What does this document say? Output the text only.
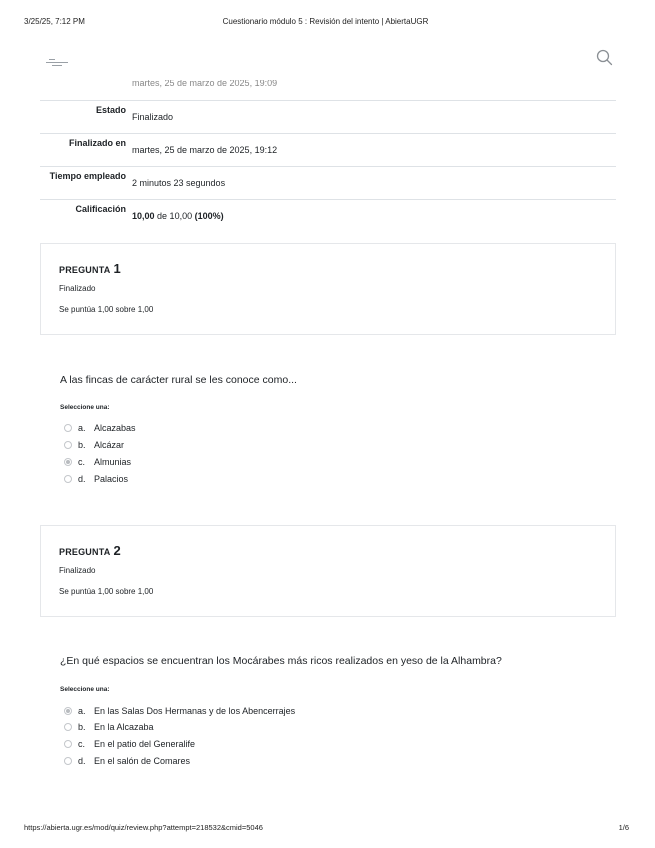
3/25/25, 7:12 PM	Cuestionario módulo 5 : Revisión del intento | AbiertaUGR
martes, 25 de marzo de 2025, 19:09
Estado
Finalizado
Finalizado en
martes, 25 de marzo de 2025, 19:12
Tiempo empleado
2 minutos 23 segundos
Calificación
10,00 de 10,00 (100%)
PREGUNTA 1
Finalizado
Se puntúa 1,00 sobre 1,00
A las fincas de carácter rural se les conoce como...
Seleccione una:
a. Alcazabas
b. Alcázar
c. Almunias
d. Palacios
PREGUNTA 2
Finalizado
Se puntúa 1,00 sobre 1,00
¿En qué espacios se encuentran los Mocárabes más ricos realizados en yeso de la Alhambra?
Seleccione una:
a. En las Salas Dos Hermanas y de los Abencerrajes
b. En la Alcazaba
c. En el patio del Generalife
d. En el salón de Comares
https://abierta.ugr.es/mod/quiz/review.php?attempt=218532&cmid=5046	1/6
